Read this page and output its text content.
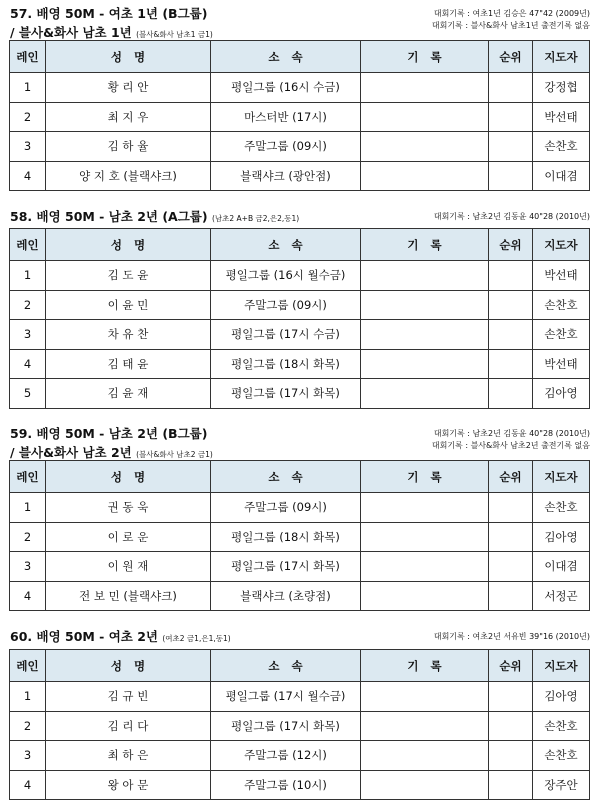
57. 배영 50M - 여초 1년 (B그룹)
/ 블사&화사 남초 1년 (블사&화사 남초1 금1)
대회기록 : 여초1년 김승은 47"42 (2009년)
대회기록 : 블사&화사 남초1년 출전기록 없음
레인	성   명	소   속	기   록	순위	지도자
1	황 리 안	평일그룹 (16시 수금)			강정협
2	최 지 우	마스터반 (17시)			박선태
3	김 하 율	주말그룹 (09시)			손찬호
4	양 지 호 (블랙샤크)	블랙샤크 (광안점)			이대겸
58. 배영 50M - 남초 2년 (A그룹) (남초2 A+B 금2,은2,동1)	대회기록 : 남초2년 김동윤 40"28 (2010년)
레인	성   명	소   속	기   록	순위	지도자
1	김 도 윤	평일그룹 (16시 월수금)			박선태
2	이 윤 민	주말그룹 (09시)			손찬호
3	차 유 찬	평일그룹 (17시 수금)			손찬호
4	김 태 윤	평일그룹 (18시 화목)			박선태
5	김 윤 재	평일그룹 (17시 화목)			김아영
59. 배영 50M - 남초 2년 (B그룹)
/ 블사&화사 남초 2년 (블사&화사 남초2 금1)
대회기록 : 남초2년 김동윤 40"28 (2010년)
대회기록 : 블사&화사 남초2년 출전기록 없음
레인	성   명	소   속	기   록	순위	지도자
1	권 동 욱	주말그룹 (09시)			손찬호
2	이 로 운	평일그룹 (18시 화목)			김아영
3	이 원 재	평일그룹 (17시 화목)			이대겸
4	전 보 민 (블랙샤크)	블랙샤크 (초량점)			서정곤
60. 배영 50M - 여초 2년 (여초2 금1,은1,동1)	대회기록 : 여초2년 서유빈 39"16 (2010년)
레인	성   명	소   속	기   록	순위	지도자
1	김 규 빈	평일그룹 (17시 월수금)			김아영
2	김 리 다	평일그룹 (17시 화목)			손찬호
3	최 하 은	주말그룹 (12시)			손찬호
4	왕 아 문	주말그룹 (10시)			장주안
